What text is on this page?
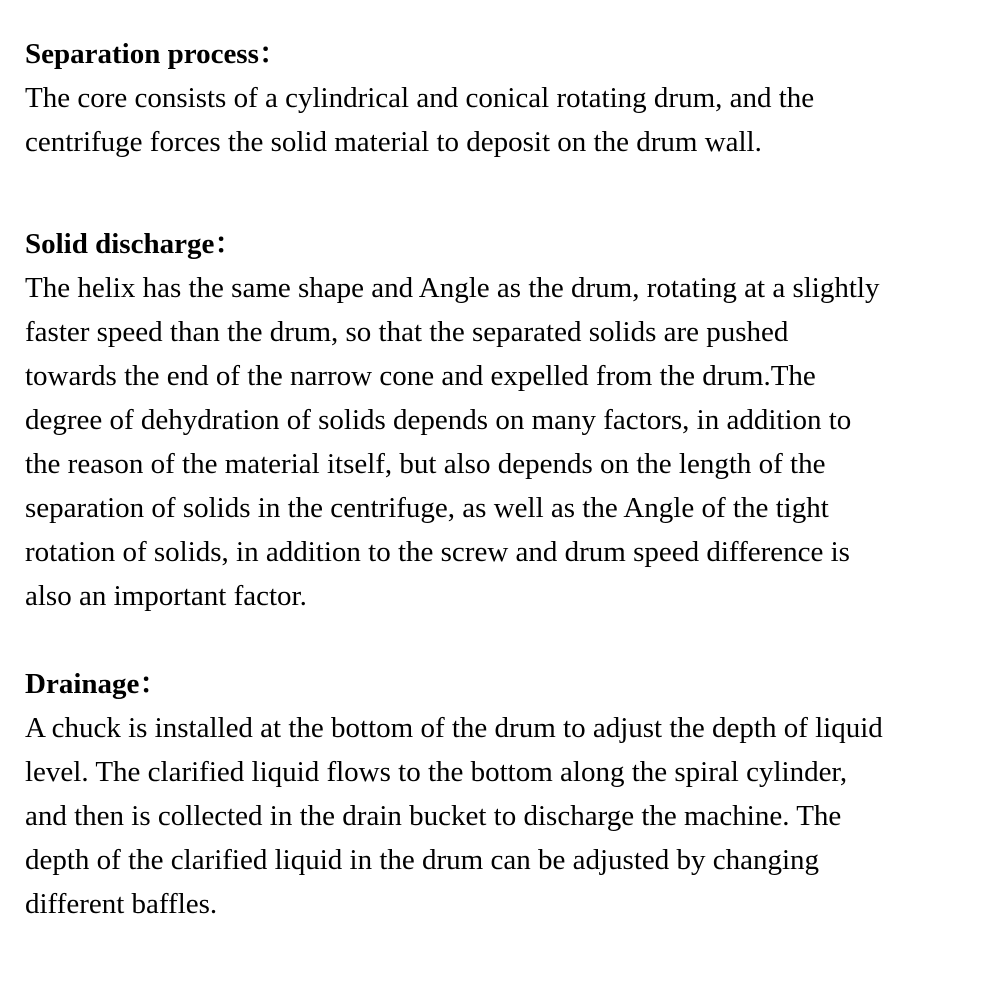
Separation process：
The core consists of a cylindrical and conical rotating drum, and the
centrifuge forces the solid material to deposit on the drum wall.
Solid discharge：
The helix has the same shape and Angle as the drum, rotating at a slightly
faster speed than the drum, so that the separated solids are pushed
towards the end of the narrow cone and expelled from the drum.The
degree of dehydration of solids depends on many factors, in addition to
the reason of the material itself, but also depends on the length of the
separation of solids in the centrifuge, as well as the Angle of the tight
rotation of solids, in addition to the screw and drum speed difference is
also an important factor.
Drainage：
A chuck is installed at the bottom of the drum to adjust the depth of liquid
level. The clarified liquid flows to the bottom along the spiral cylinder,
and then is collected in the drain bucket to discharge the machine. The
depth of the clarified liquid in the drum can be adjusted by changing
different baffles.
